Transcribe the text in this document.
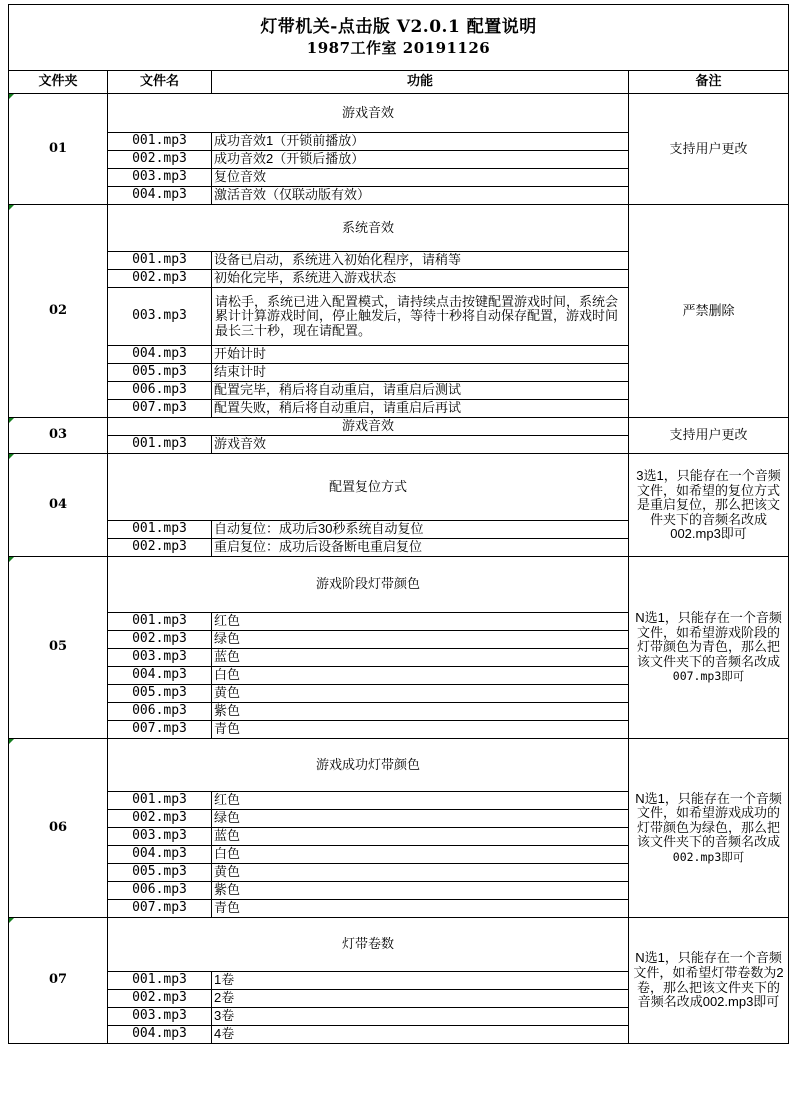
灯带机关-点击版 V2.0.1 配置说明
1987工作室 20191126			

文件夹	文件名	功能	备注

01	游戏音效		支持用户更改
	001.mp3	成功音效1（开锁前播放）	
	002.mp3	成功音效2（开锁后播放）	
	003.mp3	复位音效	
	004.mp3	激活音效（仅联动版有效）	

02	系统音效		严禁删除
	001.mp3	设备已启动，系统进入初始化程序，请稍等	
	002.mp3	初始化完毕，系统进入游戏状态	
	003.mp3	请松手，系统已进入配置模式，请持续点击按键配置游戏时间，系统会累计计算游戏时间，停止触发后，等待十秒将自动保存配置，游戏时间最长三十秒，现在请配置。	
	004.mp3	开始计时	
	005.mp3	结束计时	
	006.mp3	配置完毕，稍后将自动重启，请重启后测试	
	007.mp3	配置失败，稍后将自动重启，请重启后再试	

03	游戏音效		支持用户更改
	001.mp3	游戏音效	

04	配置复位方式		3选1，只能存在一个音频文件，如希望的复位方式是重启复位，那么把该文件夹下的音频名改成002.mp3即可
	001.mp3	自动复位：成功后30秒系统自动复位	
	002.mp3	重启复位：成功后设备断电重启复位	

05	游戏阶段灯带颜色		N选1，只能存在一个音频文件，如希望游戏阶段的灯带颜色为青色，那么把该文件夹下的音频名改成007.mp3即可
	001.mp3	红色	
	002.mp3	绿色	
	003.mp3	蓝色	
	004.mp3	白色	
	005.mp3	黄色	
	006.mp3	紫色	
	007.mp3	青色	

06	游戏成功灯带颜色		N选1，只能存在一个音频文件，如希望游戏成功的灯带颜色为绿色，那么把该文件夹下的音频名改成002.mp3即可
	001.mp3	红色	
	002.mp3	绿色	
	003.mp3	蓝色	
	004.mp3	白色	
	005.mp3	黄色	
	006.mp3	紫色	
	007.mp3	青色	

07	灯带卷数		N选1，只能存在一个音频文件，如希望灯带卷数为2卷，那么把该文件夹下的音频名改成002.mp3即可
	001.mp3	1卷	
	002.mp3	2卷	
	003.mp3	3卷	
	004.mp3	4卷	
